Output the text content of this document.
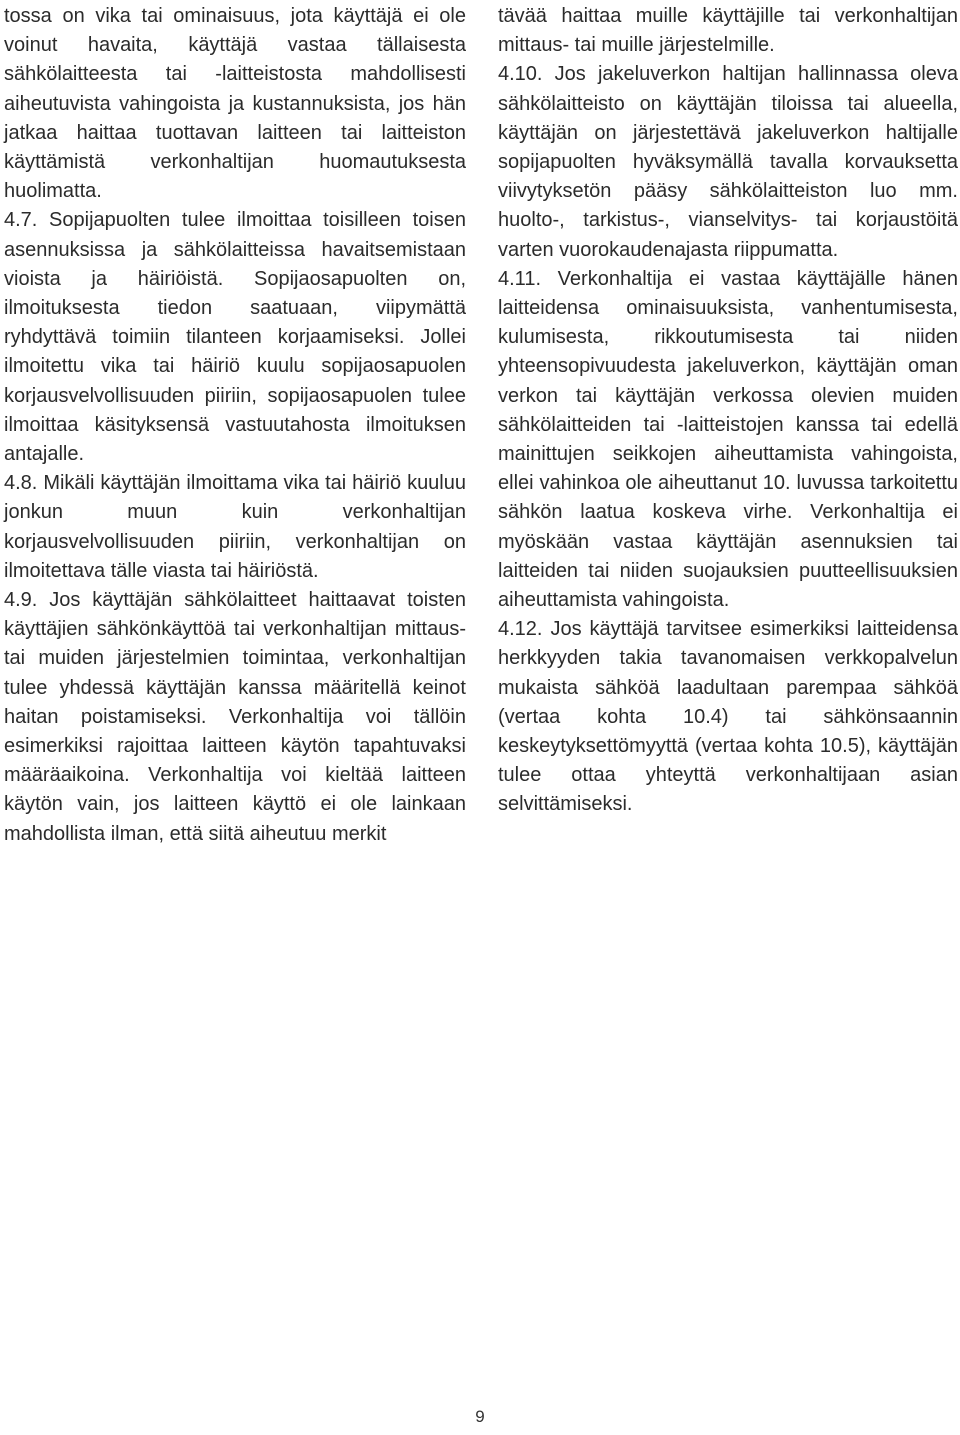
tossa on vika tai ominaisuus, jota käyttäjä ei ole voinut havaita, käyttäjä vastaa tällaisesta sähkölaitteesta tai -laitteistosta mahdollisesti aiheutuvista vahingoista ja kustannuksista, jos hän jatkaa haittaa tuottavan laitteen tai laitteiston käyttämistä verkonhaltijan huomautuksesta huolimatta.

4.7. Sopijapuolten tulee ilmoittaa toisilleen toisen asennuksissa ja sähkölaitteissa havaitsemistaan vioista ja häiriöistä. Sopijaosapuolten on, ilmoituksesta tiedon saatuaan, viipymättä ryhdyttävä toimiin tilanteen korjaamiseksi. Jollei ilmoitettu vika tai häiriö kuulu sopijaosapuolen korjausvelvollisuuden piiriin, sopijaosapuolen tulee ilmoittaa käsityksensä vastuutahosta ilmoituksen antajalle.

4.8. Mikäli käyttäjän ilmoittama vika tai häiriö kuuluu jonkun muun kuin verkonhaltijan korjausvelvollisuuden piiriin, verkonhaltijan on ilmoitettava tälle viasta tai häiriöstä.

4.9. Jos käyttäjän sähkölaitteet haittaavat toisten käyttäjien sähkönkäyttöä tai verkonhaltijan mittaus- tai muiden järjestelmien toimintaa, verkonhaltijan tulee yhdessä käyttäjän kanssa määritellä keinot haitan poistamiseksi. Verkonhaltija voi tällöin esimerkiksi rajoittaa laitteen käytön tapahtuvaksi määräaikoina. Verkonhaltija voi kieltää laitteen käytön vain, jos laitteen käyttö ei ole lainkaan mahdollista ilman, että siitä aiheutuu merkit

tävää haittaa muille käyttäjille tai verkonhaltijan mittaus- tai muille järjestelmille.

4.10. Jos jakeluverkon haltijan hallinnassa oleva sähkölaitteisto on käyttäjän tiloissa tai alueella, käyttäjän on järjestettävä jakeluverkon haltijalle sopijapuolten hyväksymällä tavalla korvauksetta viivytyksetön pääsy sähkölaitteiston luo mm. huolto-, tarkistus-, vianselvitys- tai korjaustöitä varten vuorokaudenajasta riippumatta.

4.11. Verkonhaltija ei vastaa käyttäjälle hänen laitteidensa ominaisuuksista, vanhentumisesta, kulumisesta, rikkoutumisesta tai niiden yhteensopivuudesta jakeluverkon, käyttäjän oman verkon tai käyttäjän verkossa olevien muiden sähkölaitteiden tai -laitteistojen kanssa tai edellä mainittujen seikkojen aiheuttamista vahingoista, ellei vahinkoa ole aiheuttanut 10. luvussa tarkoitettu sähkön laatua koskeva virhe. Verkonhaltija ei myöskään vastaa käyttäjän asennuksien tai laitteiden tai niiden suojauksien puutteellisuuksien aiheuttamista vahingoista.

4.12. Jos käyttäjä tarvitsee esimerkiksi laitteidensa herkkyyden takia tavanomaisen verkkopalvelun mukaista sähköä laadultaan parempaa sähköä (vertaa kohta 10.4) tai sähkönsaannin keskeytyksettömyyttä (vertaa kohta 10.5), käyttäjän tulee ottaa yhteyttä verkonhaltijaan asian selvittämiseksi.

9
